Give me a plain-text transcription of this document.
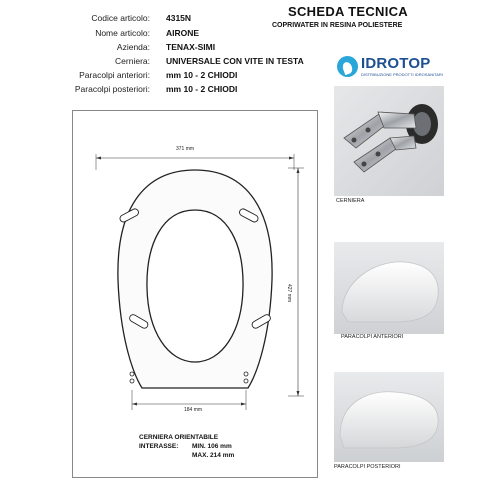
SCHEDA TECNICA
COPRIWATER IN RESINA POLIESTERE
Codice articolo: 4315N
Nome articolo: AIRONE
Azienda: TENAX-SIMI
Cerniera: UNIVERSALE CON VITE IN TESTA
Paracolpi anteriori: mm 10 - 2 CHIODI
Paracolpi posteriori: mm 10 - 2 CHIODI
IDROTOP
DISTRIBUZIONE PRODOTTI IDROSANITARI
371 mm
427 mm
184 mm
CERNIERA ORIENTABILE
INTERASSE: MIN. 106 mm
MAX. 214 mm
CERNIERA
PARACOLPI ANTERIORI
PARACOLPI POSTERIORI
